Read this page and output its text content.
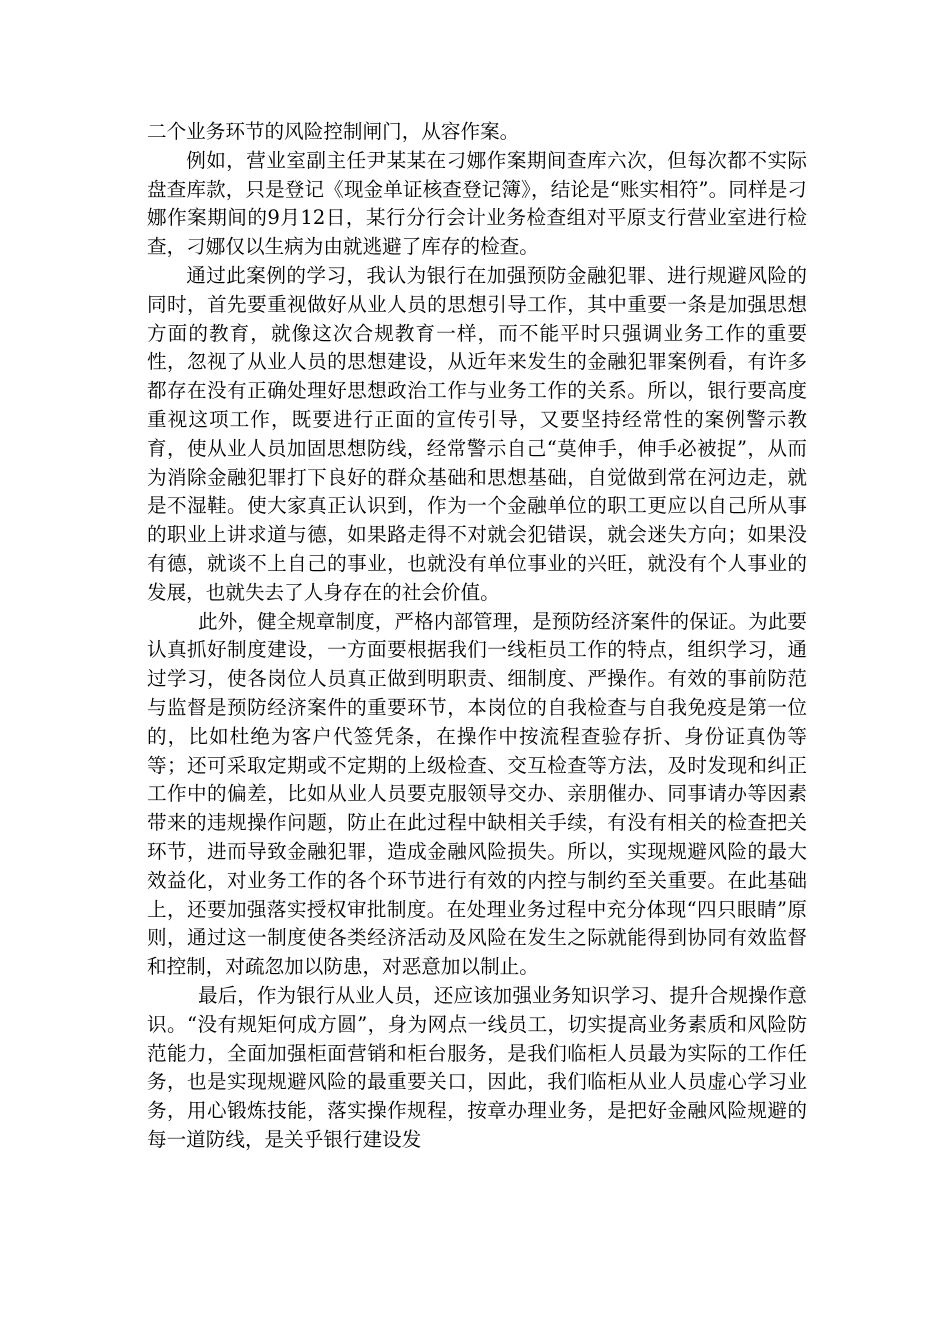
二个业务环节的风险控制闸门，从容作案。

例如，营业室副主任尹某某在刁娜作案期间查库六次，但每次都不实际盘查库款，只是登记《现金单证核查登记簿》，结论是“账实相符”。同样是刁娜作案期间的9月12日，某行分行会计业务检查组对平原支行营业室进行检查，刁娜仅以生病为由就逃避了库存的检查。

通过此案例的学习，我认为银行在加强预防金融犯罪、进行规避风险的同时，首先要重视做好从业人员的思想引导工作，其中重要一条是加强思想方面的教育，就像这次合规教育一样，而不能平时只强调业务工作的重要性，忽视了从业人员的思想建设，从近年来发生的金融犯罪案例看，有许多都存在没有正确处理好思想政治工作与业务工作的关系。所以，银行要高度重视这项工作，既要进行正面的宣传引导，又要坚持经常性的案例警示教育，使从业人员加固思想防线，经常警示自己“莫伸手，伸手必被捉”，从而为消除金融犯罪打下良好的群众基础和思想基础，自觉做到常在河边走，就是不湿鞋。使大家真正认识到，作为一个金融单位的职工更应以自己所从事的职业上讲求道与德，如果路走得不对就会犯错误，就会迷失方向；如果没有德，就谈不上自己的事业，也就没有单位事业的兴旺，就没有个人事业的发展，也就失去了人身存在的社会价值。

此外，健全规章制度，严格内部管理，是预防经济案件的保证。为此要认真抓好制度建设，一方面要根据我们一线柜员工作的特点，组织学习，通过学习，使各岗位人员真正做到明职责、细制度、严操作。有效的事前防范与监督是预防经济案件的重要环节，本岗位的自我检查与自我免疫是第一位的，比如杜绝为客户代签凭条，在操作中按流程查验存折、身份证真伪等等；还可采取定期或不定期的上级检查、交互检查等方法，及时发现和纠正工作中的偏差，比如从业人员要克服领导交办、亲朋催办、同事请办等因素带来的违规操作问题，防止在此过程中缺相关手续，有没有相关的检查把关环节，进而导致金融犯罪，造成金融风险损失。所以，实现规避风险的最大效益化，对业务工作的各个环节进行有效的内控与制约至关重要。在此基础上，还要加强落实授权审批制度。在处理业务过程中充分体现“四只眼睛”原则，通过这一制度使各类经济活动及风险在发生之际就能得到协同有效监督和控制，对疏忽加以防患，对恶意加以制止。

最后，作为银行从业人员，还应该加强业务知识学习、提升合规操作意识。“没有规矩何成方圆”，身为网点一线员工，切实提高业务素质和风险防范能力，全面加强柜面营销和柜台服务，是我们临柜人员最为实际的工作任务，也是实现规避风险的最重要关口，因此，我们临柜从业人员虚心学习业务，用心锻炼技能，落实操作规程，按章办理业务，是把好金融风险规避的每一道防线，是关乎银行建设发
